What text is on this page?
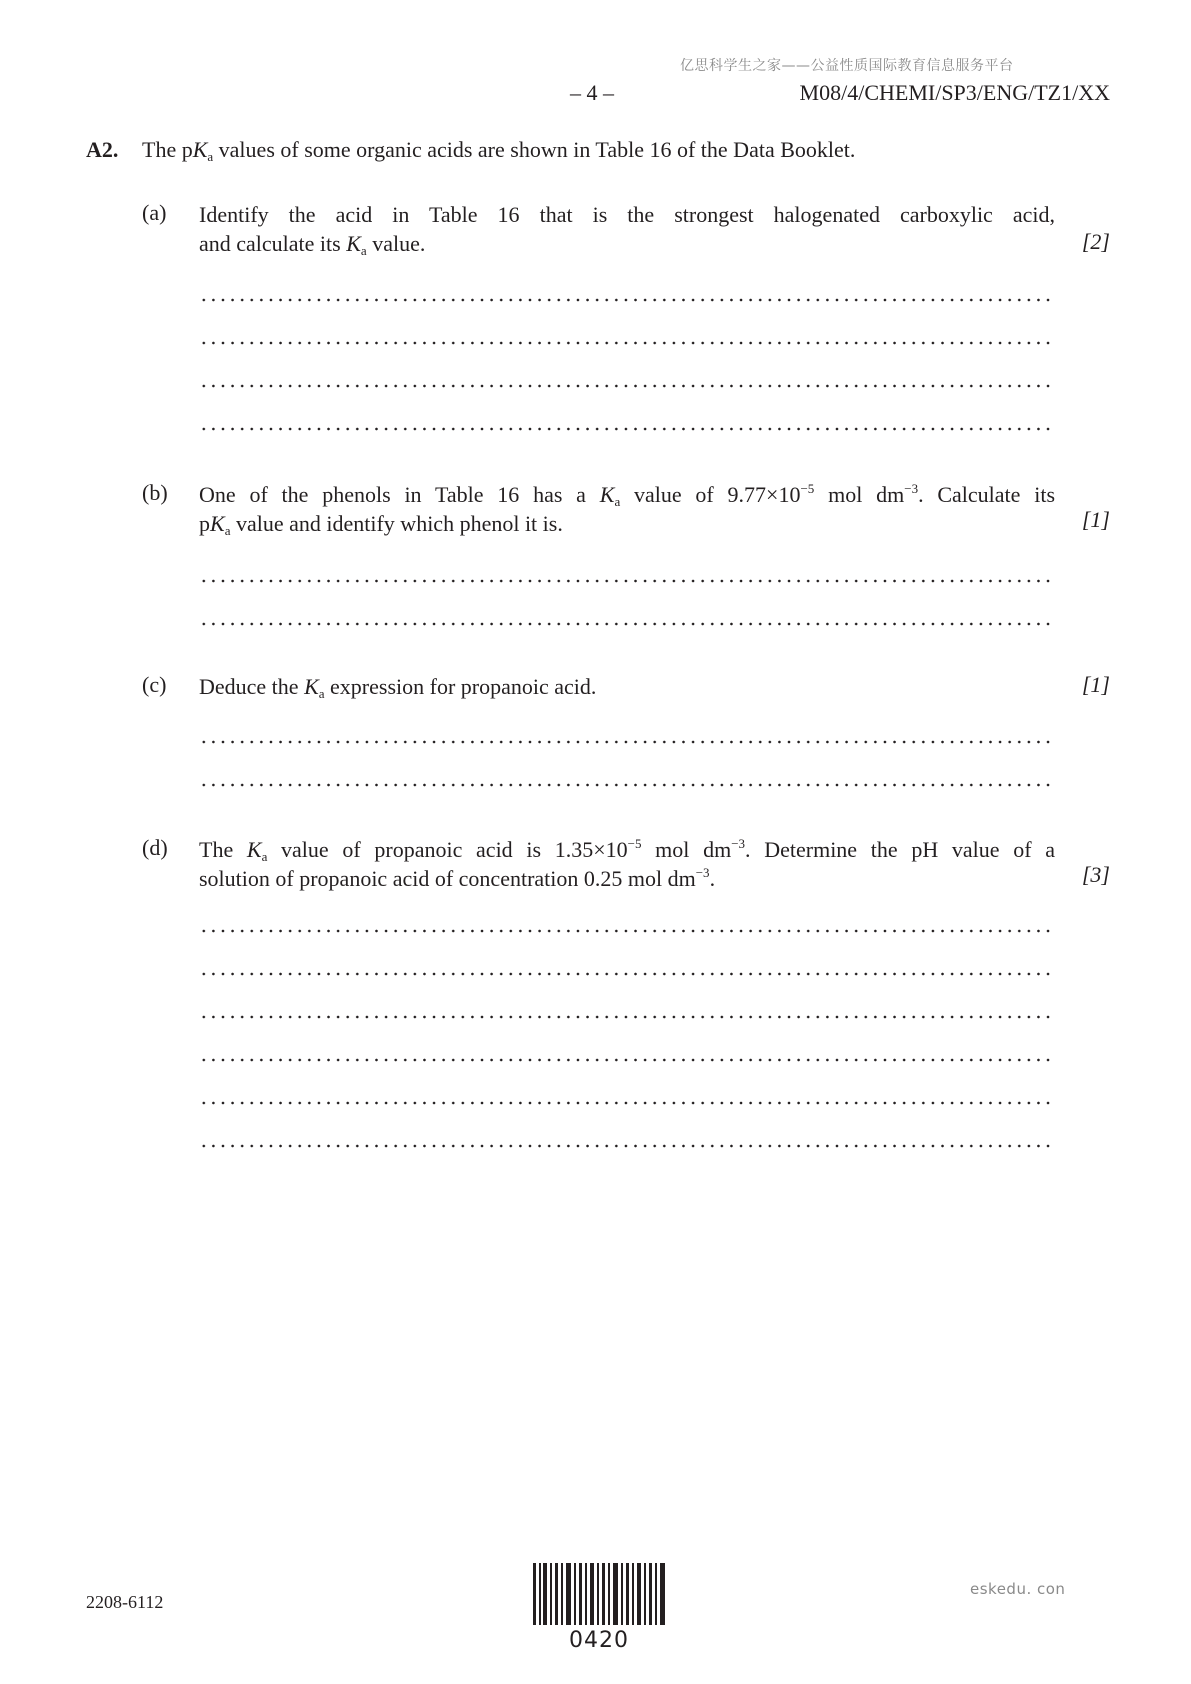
亿思科学生之家——公益性质国际教育信息服务平台
– 4 –	M08/4/CHEMI/SP3/ENG/TZ1/XX
A2. The $pK_a$ values of some organic acids are shown in Table 16 of the Data Booklet.
(a) Identify the acid in Table 16 that is the strongest halogenated carboxylic acid,
and calculate its $K_a$ value.	[2]
(b) One of the phenols in Table 16 has a $K_a$ value of $9.77\times 10^{-5}$ mol $dm^{-3}$. Calculate its
$pK_a$ value and identify which phenol it is.	[1]
(c) Deduce the $K_a$ expression for propanoic acid.	[1]
(d) The $K_a$ value of propanoic acid is $1.35\times 10^{-5}$ mol $dm^{-3}$. Determine the pH value of a
solution of propanoic acid of concentration 0.25 mol $dm^{-3}$.	[3]
2208-6112
0420
eskedu. con
